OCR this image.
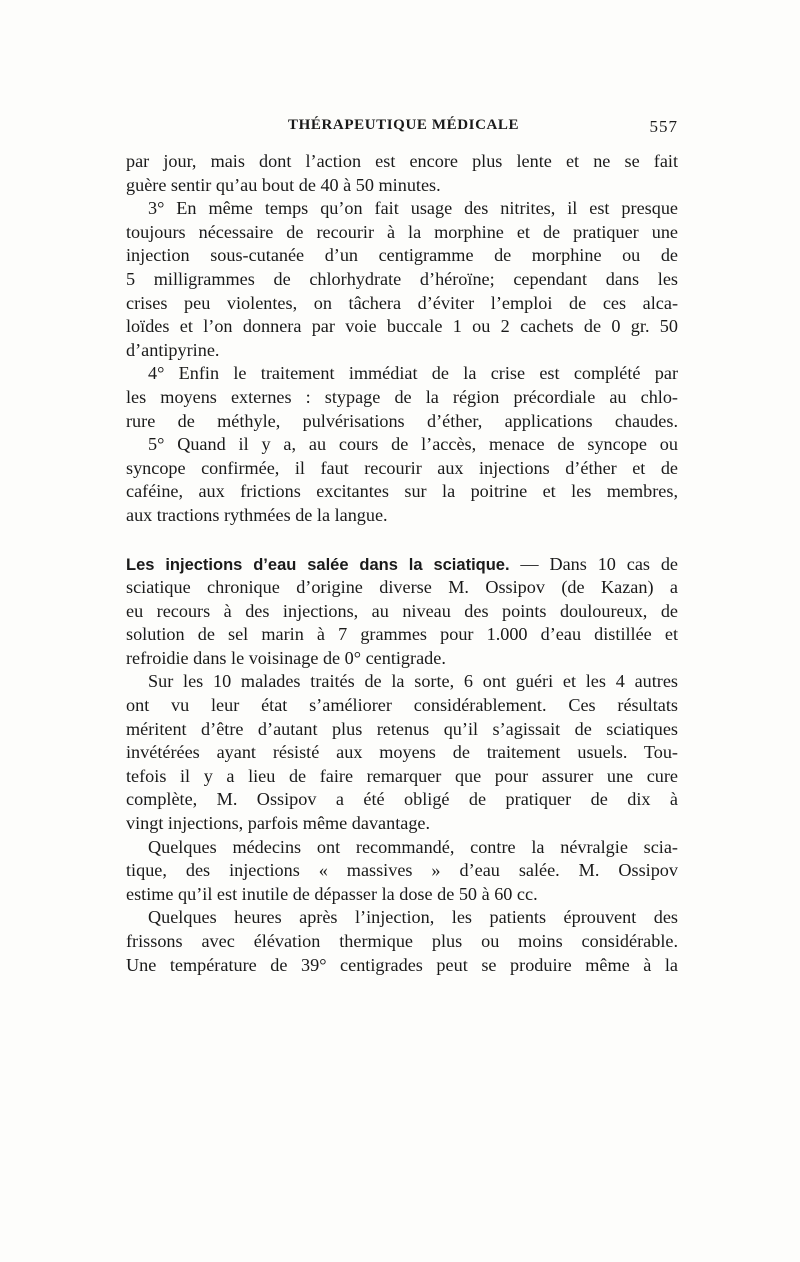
THÉRAPEUTIQUE MÉDICALE	557
par jour, mais dont l’action est encore plus lente et ne se fait
guère sentir qu’au bout de 40 à 50 minutes.
3° En même temps qu’on fait usage des nitrites, il est presque
toujours nécessaire de recourir à la morphine et de pratiquer une
injection sous-cutanée d’un centigramme de morphine ou de
5 milligrammes de chlorhydrate d’héroïne; cependant dans les
crises peu violentes, on tâchera d’éviter l’emploi de ces alca-
loïdes et l’on donnera par voie buccale 1 ou 2 cachets de 0 gr. 50
d’antipyrine.
4° Enfin le traitement immédiat de la crise est complété par
les moyens externes : stypage de la région précordiale au chlo-
rure de méthyle, pulvérisations d’éther, applications chaudes.
5° Quand il y a, au cours de l’accès, menace de syncope ou
syncope confirmée, il faut recourir aux injections d’éther et de
caféine, aux frictions excitantes sur la poitrine et les membres,
aux tractions rythmées de la langue.
Les injections d’eau salée dans la sciatique. — Dans 10 cas de
sciatique chronique d’origine diverse M. Ossipov (de Kazan) a
eu recours à des injections, au niveau des points douloureux, de
solution de sel marin à 7 grammes pour 1.000 d’eau distillée et
refroidie dans le voisinage de 0° centigrade.
Sur les 10 malades traités de la sorte, 6 ont guéri et les 4 autres
ont vu leur état s’améliorer considérablement. Ces résultats
méritent d’être d’autant plus retenus qu’il s’agissait de sciatiques
invétérées ayant résisté aux moyens de traitement usuels. Tou-
tefois il y a lieu de faire remarquer que pour assurer une cure
complète, M. Ossipov a été obligé de pratiquer de dix à
vingt injections, parfois même davantage.
Quelques médecins ont recommandé, contre la névralgie scia-
tique, des injections « massives » d’eau salée. M. Ossipov
estime qu’il est inutile de dépasser la dose de 50 à 60 cc.
Quelques heures après l’injection, les patients éprouvent des
frissons avec élévation thermique plus ou moins considérable.
Une température de 39° centigrades peut se produire même à la
